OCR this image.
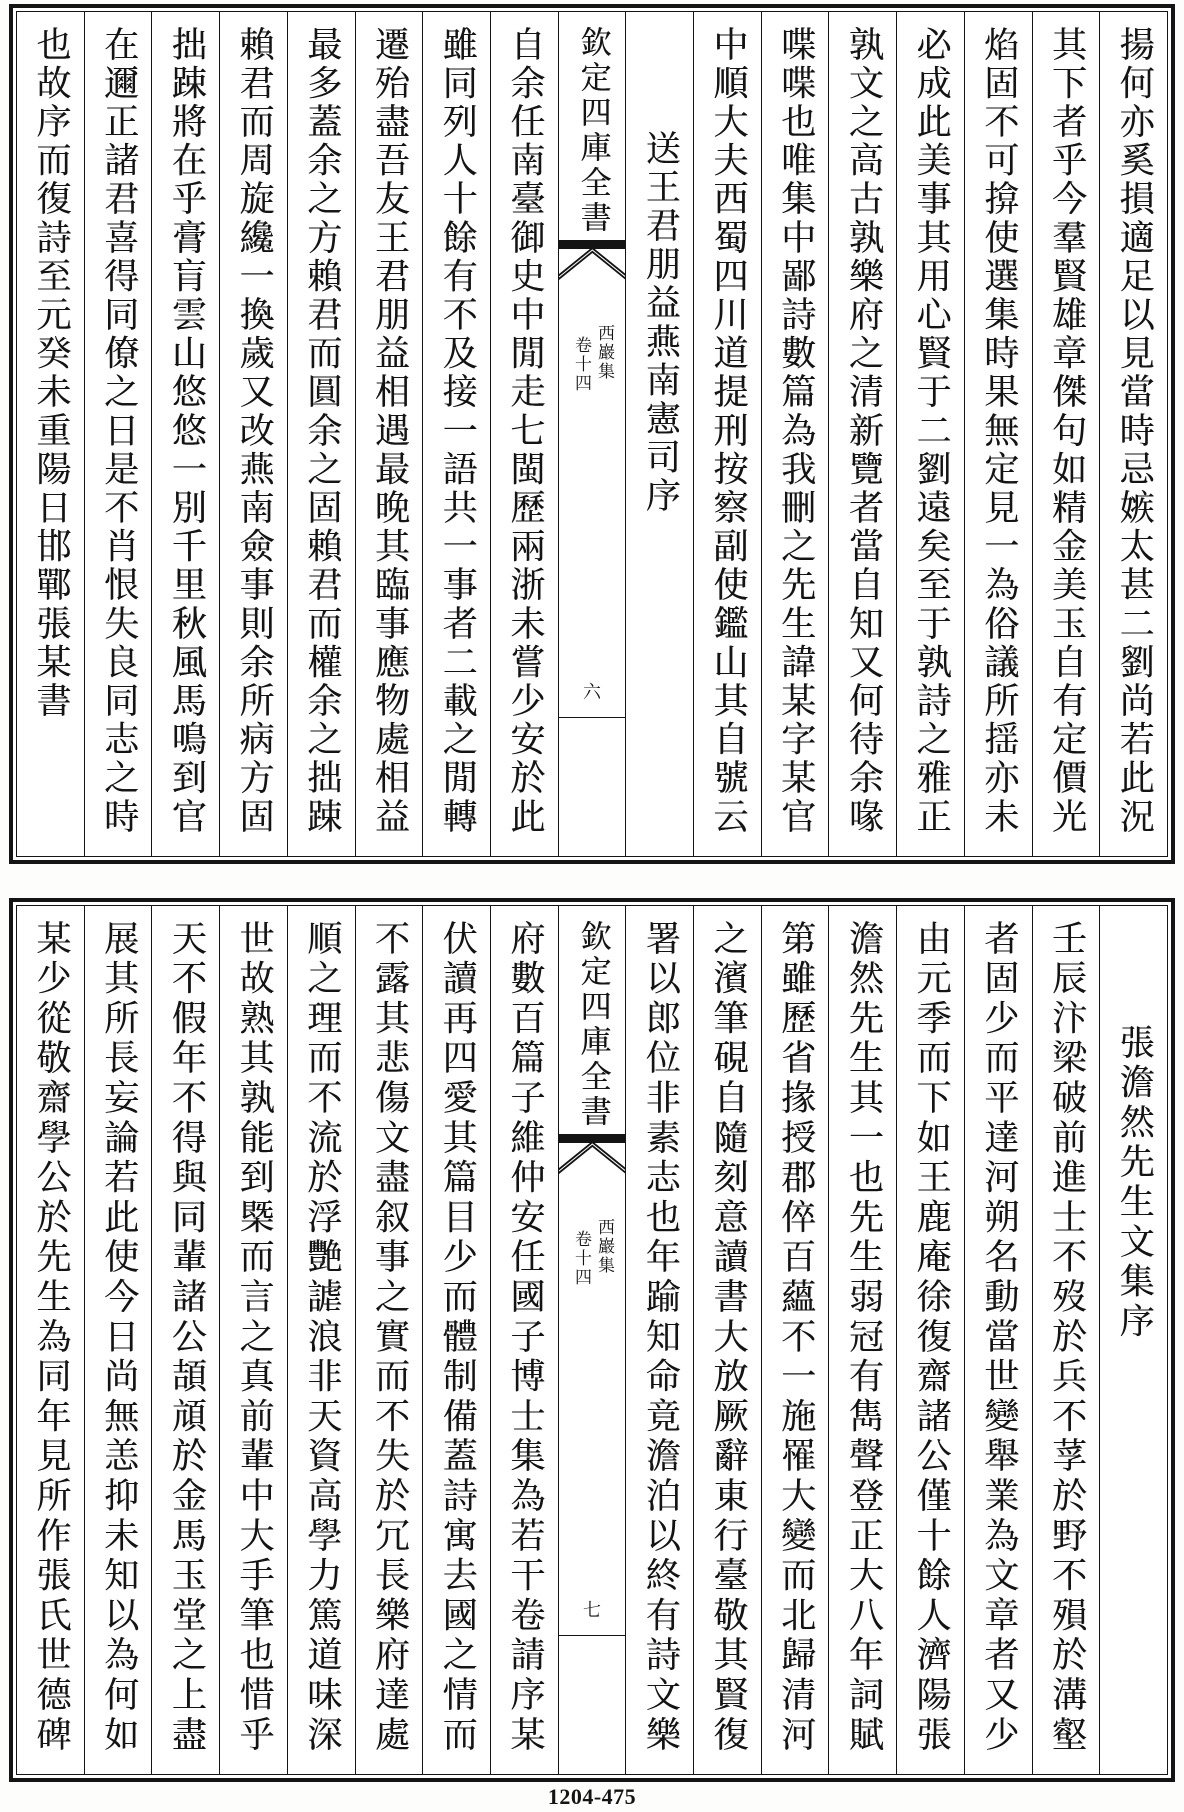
揚何亦奚損適足以見當時忌嫉太甚二劉尚若此況
其下者乎今羣賢雄章傑句如精金美玉自有定價光
焰固不可揜使選集時果無定見一為俗議所揺亦未
必成此美事其用心賢于二劉遠矣至于孰詩之雅正
孰文之高古孰樂府之清新覽者當自知又何待余喙
喋喋也唯集中鄙詩數篇為我刪之先生諱某字某官
中順大夫西蜀四川道提刑按察副使鑑山其自號云
送王君朋益燕南憲司序
欽定四庫全書
西巖集
卷十四
六
自余任南臺御史中閒走七閩歷兩浙未嘗少安於此
雖同列人十餘有不及接一語共一事者二載之閒轉
遷殆盡吾友王君朋益相遇最晚其臨事應物處相益
最多蓋余之方賴君而圓余之固賴君而權余之拙踈
賴君而周旋纔一換歲又改燕南僉事則余所病方固
拙踈將在乎膏肓雲山悠悠一別千里秋風馬鳴到官
在邇正諸君喜得同僚之日是不肖恨失良同志之時
也故序而復詩至元癸未重陽日邯鄲張某書
張澹然先生文集序
壬辰汴梁破前進士不歿於兵不莩於野不殞於溝壑
者固少而平達河朔名動當世變舉業為文章者又少
由元季而下如王鹿庵徐復齋諸公僅十餘人濟陽張
澹然先生其一也先生弱冠有雋聲登正大八年詞賦
第雖歷省掾授郡倅百蘊不一施罹大變而北歸清河
之濱筆硯自隨刻意讀書大放厥辭東行臺敬其賢復
署以郎位非素志也年踰知命竟澹泊以終有詩文樂
欽定四庫全書
西巖集
卷十四
七
府數百篇子維仲安任國子博士集為若干卷請序某
伏讀再四愛其篇目少而體制備蓋詩寓去國之情而
不露其悲傷文盡叙事之實而不失於冗長樂府達處
順之理而不流於浮艷謔浪非天資高學力篤道味深
世故熟其孰能到槩而言之真前輩中大手筆也惜乎
天不假年不得與同輩諸公頡頏於金馬玉堂之上盡
展其所長妄論若此使今日尚無恙抑未知以為何如
某少從敬齋學公於先生為同年見所作張氏世德碑
1204-475
